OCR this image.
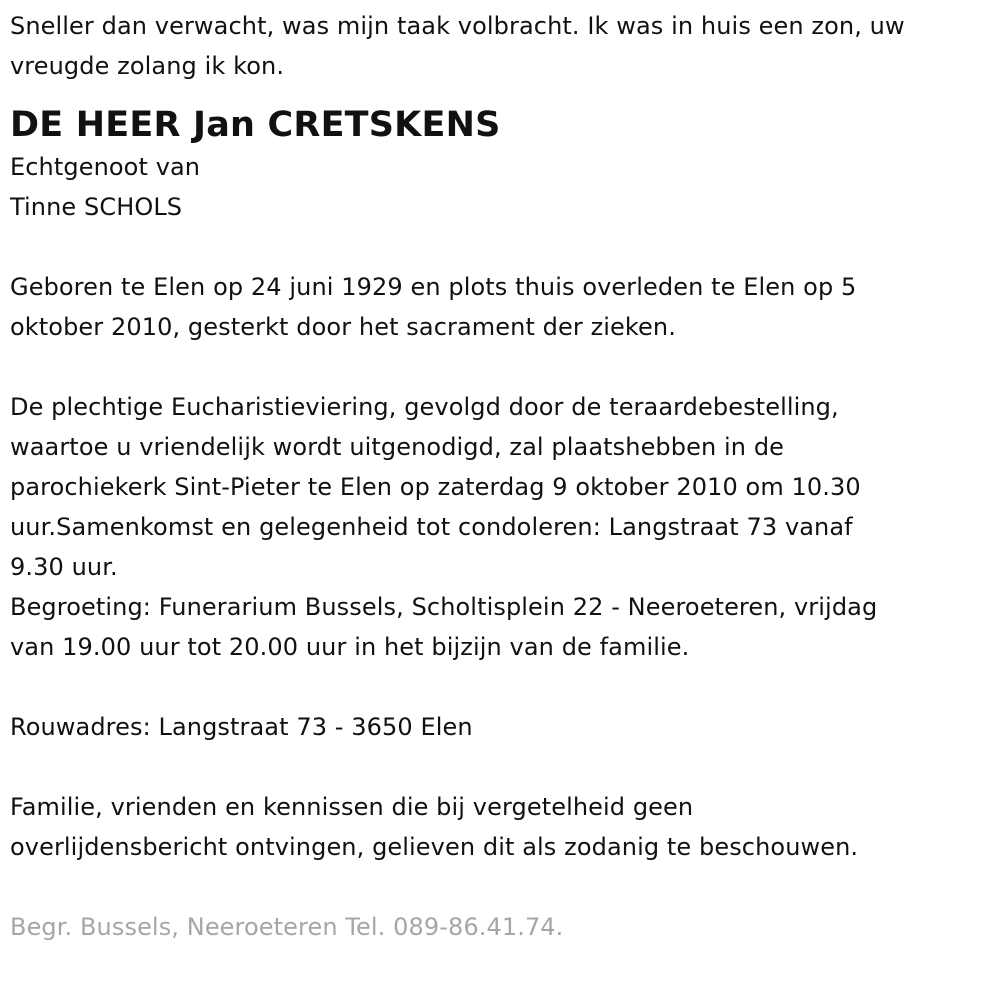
Sneller dan verwacht, was mijn taak volbracht. Ik was in huis een zon, uw
vreugde zolang ik kon.

DE HEER Jan CRETSKENS

Echtgenoot van
Tinne SCHOLS

Geboren te Elen op 24 juni 1929 en plots thuis overleden te Elen op 5
oktober 2010, gesterkt door het sacrament der zieken.

De plechtige Eucharistieviering, gevolgd door de teraardebestelling,
waartoe u vriendelijk wordt uitgenodigd, zal plaatshebben in de
parochiekerk Sint-Pieter te Elen op zaterdag 9 oktober 2010 om 10.30
uur.Samenkomst en gelegenheid tot condoleren: Langstraat 73 vanaf
9.30 uur.
Begroeting: Funerarium Bussels, Scholtisplein 22 - Neeroeteren, vrijdag
van 19.00 uur tot 20.00 uur in het bijzijn van de familie.

Rouwadres: Langstraat 73 - 3650 Elen

Familie, vrienden en kennissen die bij vergetelheid geen
overlijdensbericht ontvingen, gelieven dit als zodanig te beschouwen.

Begr. Bussels, Neeroeteren Tel. 089-86.41.74.
